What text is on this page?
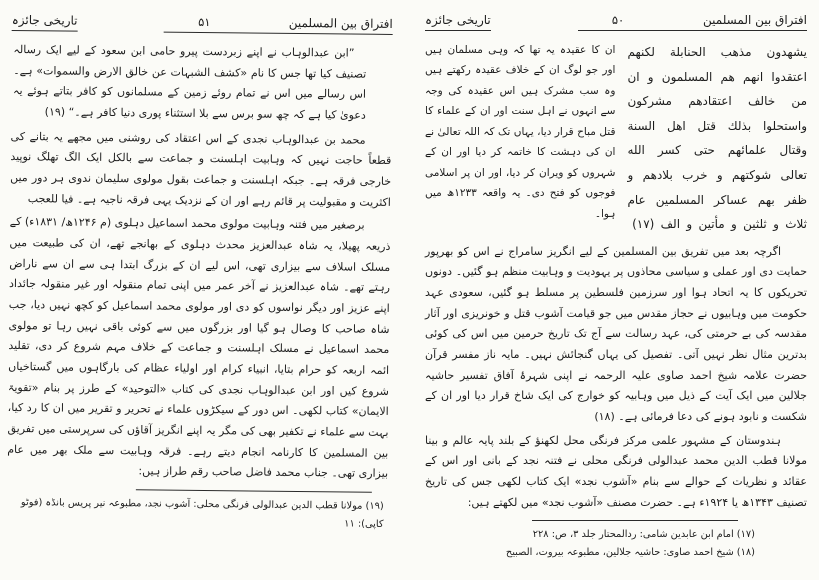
افتراق بین المسلمین
۵۰
تاریخی جائزہ
يشهدون مذهب الحنابلة لكنهم اعتقدوا انهم هم المسلمون و ان من خالف اعتقادهم مشركون واستحلوا بذلك قتل اهل السنة وقتال علمائهم حتى كسر الله تعالى شوكتهم و خرب بلادهم و ظفر بهم عساكر المسلمين عام ثلاث و ثلثين و مأتين و الف (۱۷)
ان کا عقیدہ یہ تھا کہ وہی مسلمان ہیں اور جو لوگ ان کے خلاف عقیدہ رکھتے ہیں وہ سب مشرک ہیں اس عقیدہ کی وجہ سے انہوں نے اہل سنت اور ان کے علماء کا قتل مباح قرار دیا، یہاں تک کہ اللہ تعالیٰ نے ان کی دہشت کا خاتمہ کر دیا اور ان کے شہروں کو ویران کر دیا، اور ان پر اسلامی فوجوں کو فتح دی۔ یہ واقعہ ۱۲۳۳ھ میں ہوا۔

اگرچہ بعد میں تفریق بین المسلمین کے لیے انگریز سامراج نے اس کو بھرپور حمایت دی اور عملی و سیاسی محاذوں پر یہودیت و وہابیت منظم ہو گئیں۔ دونوں تحریکوں کا یہ اتحاد ہوا اور سرزمین فلسطین پر مسلط ہو گئیں، سعودی عہد حکومت میں وہابیوں نے حجاز مقدس میں جو قیامت آشوب قتل و خونریزی اور آثار مقدسہ کی بے حرمتی کی، عہد رسالت سے آج تک تاریخ حرمین میں اس کی کوئی بدترین مثال نظر نہیں آتی۔ تفصیل کی یہاں گنجائش نہیں۔ مایہ ناز مفسر قرآن حضرت علامہ شیخ احمد صاوی علیہ الرحمہ نے اپنی شہرۂ آفاق تفسیر حاشیہ جلالین میں ایک آیت کے ذیل میں وہابیہ کو خوارج کی ایک شاخ قرار دیا اور ان کے شکست و نابود ہونے کی دعا فرمائی ہے۔ (۱۸)

ہندوستان کے مشہور علمی مرکز فرنگی محل لکھنؤ کے بلند پایہ عالم و بینا مولانا قطب الدین محمد عبدالولی فرنگی محلی نے فتنہ نجد کے بانی اور اس کے عقائد و نظریات کے حوالے سے بنام «آشوب نجد» ایک کتاب لکھی جس کی تاریخ تصنیف ۱۳۴۳ھ یا ۱۹۲۴ء ہے۔ حضرت مصنف «آشوب نجد» میں لکھتے ہیں:

(۱۷) امام ابن عابدین شامی: ردالمحتار جلد ۳، ص: ۲۲۸

(۱۸) شیخ احمد صاوی: حاشیہ جلالین، مطبوعہ بیروت، الصبیح

افتراق بین المسلمین
۵۱
تاریخی جائزہ

”ابن عبدالوہاب نے اپنے زبردست پیرو حامی ابن سعود کے لیے ایک رسالہ تصنیف کیا تھا جس کا نام «کشف الشبہات عن خالق الارض والسموات» ہے۔ اس رسالے میں اس نے تمام روئے زمین کے مسلمانوں کو کافر بتاتے ہوئے یہ دعویٰ کیا ہے کہ چھ سو برس سے بلا استثناء پوری دنیا کافر ہے۔“ (۱۹)

محمد بن عبدالوہاب نجدی کے اس اعتقاد کی روشنی میں مجھے یہ بتانے کی قطعاً حاجت نہیں کہ وہابیت اہلسنت و جماعت سے بالکل ایک الگ تھلگ نوپید خارجی فرقہ ہے۔ جبکہ اہلسنت و جماعت بقول مولوی سلیمان ندوی ہر دور میں اکثریت و مقبولیت پر قائم رہے اور ان کے نزدیک یہی فرقہ ناجیہ ہے۔ فیا للعجب

برصغیر میں فتنہ وہابیت مولوی محمد اسماعیل دہلوی (م ۱۲۴۶ھ/ ۱۸۳۱ء) کے ذریعہ پھیلا، یہ شاہ عبدالعزیز محدث دہلوی کے بھانجے تھے، ان کی طبیعت میں مسلک اسلاف سے بیزاری تھی، اس لیے ان کے بزرگ ابتدا ہی سے ان سے ناراض رہتے تھے۔ شاہ عبدالعزیز نے آخر عمر میں اپنی تمام منقولہ اور غیر منقولہ جائداد اپنے عزیز اور دیگر نواسوں کو دی اور مولوی محمد اسماعیل کو کچھ نہیں دیا، جب شاہ صاحب کا وصال ہو گیا اور بزرگوں میں سے کوئی باقی نہیں رہا تو مولوی محمد اسماعیل نے مسلک اہلسنت و جماعت کے خلاف مہم شروع کر دی، تقلید ائمہ اربعہ کو حرام بتایا، انبیاء کرام اور اولیاء عظام کی بارگاہوں میں گستاخیاں شروع کیں اور ابن عبدالوہاب نجدی کی کتاب «التوحید» کے طرز پر بنام «تقویۃ الایمان» کتاب لکھی۔ اس دور کے سیکڑوں علماء نے تحریر و تقریر میں ان کا رد کیا، بہت سے علماء نے تکفیر بھی کی مگر یہ اپنے انگریز آقاؤں کی سرپرستی میں تفریق بین المسلمین کا کارنامہ انجام دیتے رہے۔ فرقہ وہابیت سے ملک بھر میں عام بیزاری تھی۔ جناب محمد فاضل صاحب رقم طراز ہیں:

(۱۹) مولانا قطب الدین عبدالولی فرنگی محلی: آشوب نجد، مطبوعہ نیر پریس بانڈہ (فوٹو کاپی): ۱۱
